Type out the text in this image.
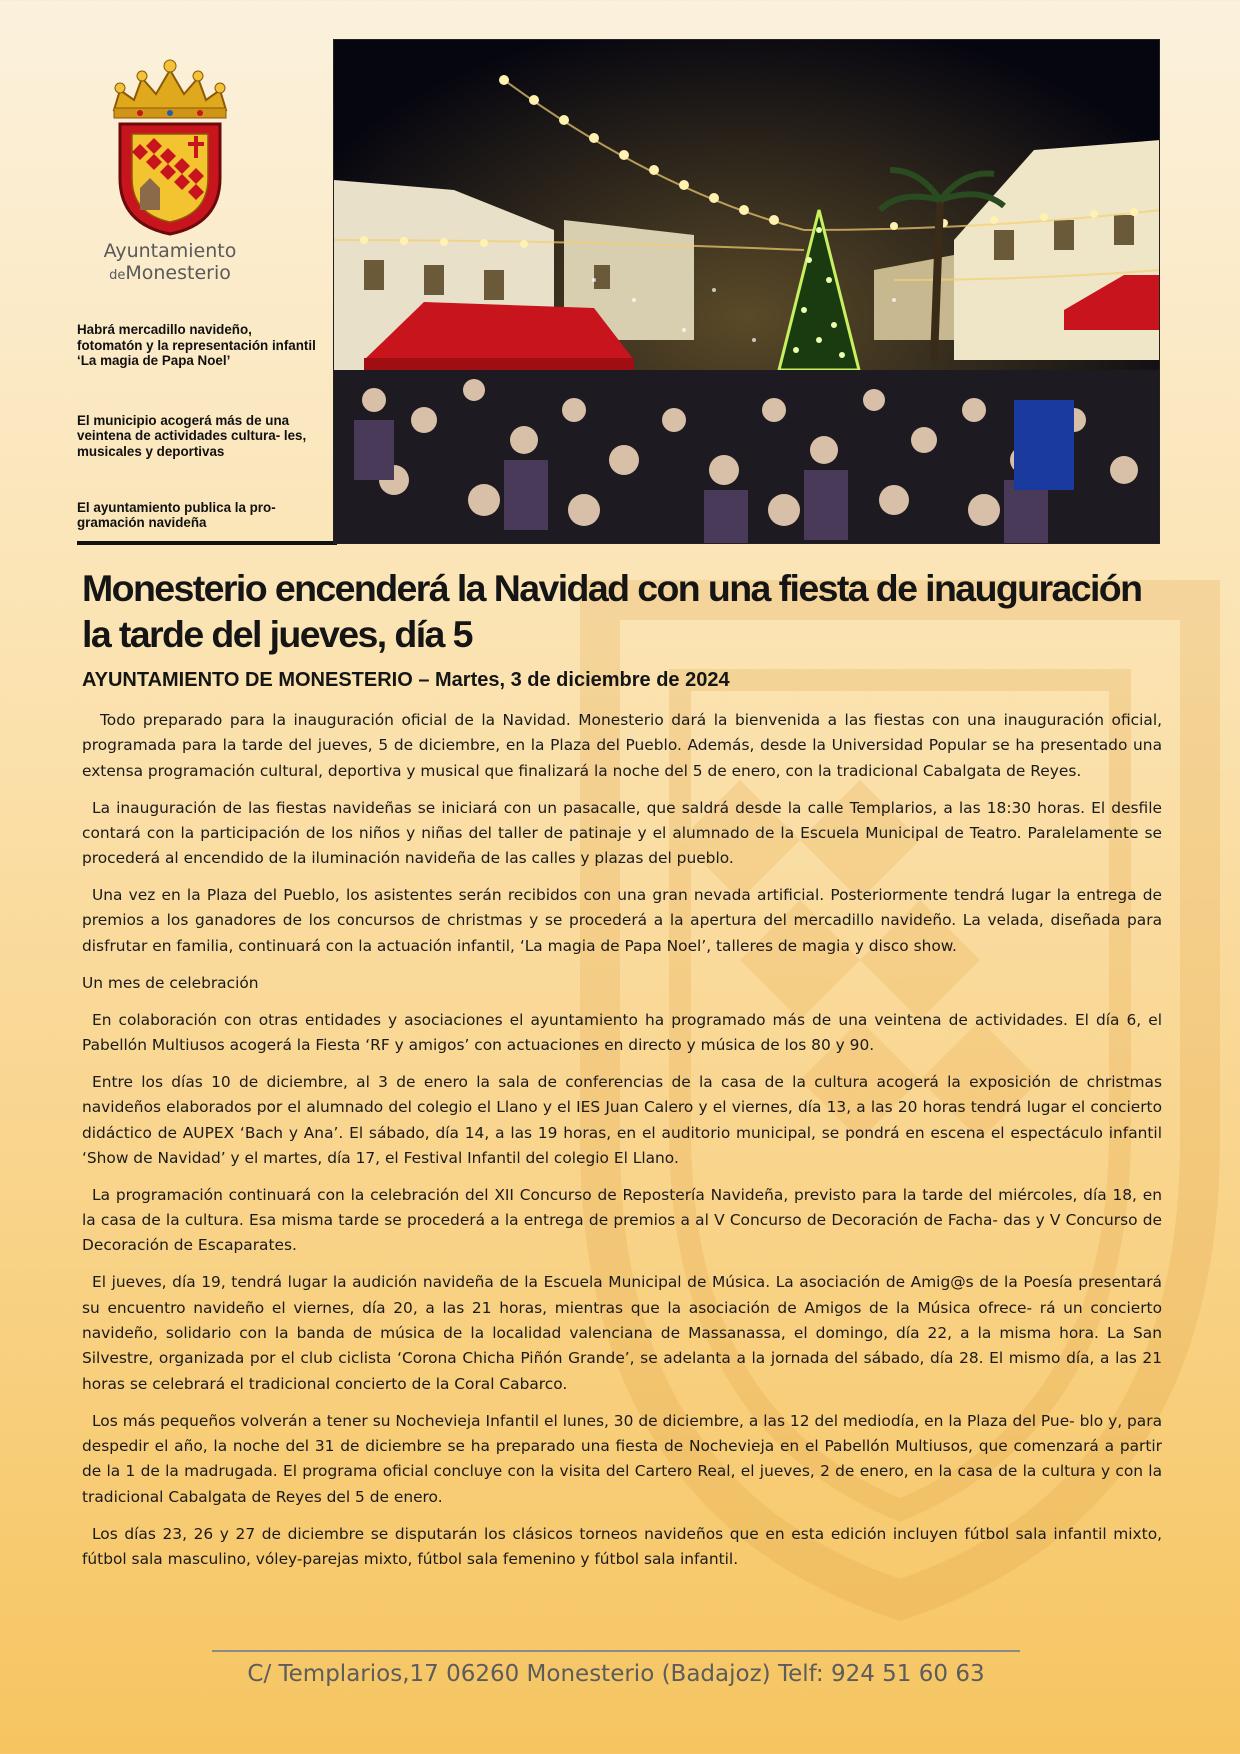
Ayuntamiento
deMonesterio
Habrá mercadillo navideño, fotomatón y la representación infantil ‘La magia de Papa Noel’
El municipio acogerá más de una veintena de actividades cultura- les, musicales y deportivas
El ayuntamiento publica la pro- gramación navideña
Monesterio encenderá la Navidad con una fiesta de inauguración la tarde del jueves, día 5
AYUNTAMIENTO DE MONESTERIO – Martes, 3 de diciembre de 2024

Todo preparado para la inauguración oficial de la Navidad. Monesterio dará la bienvenida a las fiestas con una inauguración oficial, programada para la tarde del jueves, 5 de diciembre, en la Plaza del Pueblo. Además, desde la Universidad Popular se ha presentado una extensa programación cultural, deportiva y musical que finalizará la noche del 5 de enero, con la tradicional Cabalgata de Reyes.

La inauguración de las fiestas navideñas se iniciará con un pasacalle, que saldrá desde la calle Templarios, a las 18:30 horas. El desfile contará con la participación de los niños y niñas del taller de patinaje y el alumnado de la Escuela Municipal de Teatro. Paralelamente se procederá al encendido de la iluminación navideña de las calles y plazas del pueblo.

Una vez en la Plaza del Pueblo, los asistentes serán recibidos con una gran nevada artificial. Posteriormente tendrá lugar la entrega de premios a los ganadores de los concursos de christmas y se procederá a la apertura del mercadillo navideño. La velada, diseñada para disfrutar en familia, continuará con la actuación infantil, ‘La magia de Papa Noel’, talleres de magia y disco show.

Un mes de celebración

En colaboración con otras entidades y asociaciones el ayuntamiento ha programado más de una veintena de actividades. El día 6, el Pabellón Multiusos acogerá la Fiesta ‘RF y amigos’ con actuaciones en directo y música de los 80 y 90.

Entre los días 10 de diciembre, al 3 de enero la sala de conferencias de la casa de la cultura acogerá la exposición de christmas navideños elaborados por el alumnado del colegio el Llano y el IES Juan Calero y el viernes, día 13, a las 20 horas tendrá lugar el concierto didáctico de AUPEX ‘Bach y Ana’. El sábado, día 14, a las 19 horas, en el auditorio municipal, se pondrá en escena el espectáculo infantil ‘Show de Navidad’ y el martes, día 17, el Festival Infantil del colegio El Llano.

La programación continuará con la celebración del XII Concurso de Repostería Navideña, previsto para la tarde del miércoles, día 18, en la casa de la cultura. Esa misma tarde se procederá a la entrega de premios a al V Concurso de Decoración de Facha- das y V Concurso de Decoración de Escaparates.

El jueves, día 19, tendrá lugar la audición navideña de la Escuela Municipal de Música. La asociación de Amig@s de la Poesía presentará su encuentro navideño el viernes, día 20, a las 21 horas, mientras que la asociación de Amigos de la Música ofrece- rá un concierto navideño, solidario con la banda de música de la localidad valenciana de Massanassa, el domingo, día 22, a la misma hora. La San Silvestre, organizada por el club ciclista ‘Corona Chicha Piñón Grande’, se adelanta a la jornada del sábado, día 28. El mismo día, a las 21 horas se celebrará el tradicional concierto de la Coral Cabarco.

Los más pequeños volverán a tener su Nochevieja Infantil el lunes, 30 de diciembre, a las 12 del mediodía, en la Plaza del Pue- blo y, para despedir el año, la noche del 31 de diciembre se ha preparado una fiesta de Nochevieja en el Pabellón Multiusos, que comenzará a partir de la 1 de la madrugada. El programa oficial concluye con la visita del Cartero Real, el jueves, 2 de enero, en la casa de la cultura y con la tradicional Cabalgata de Reyes del 5 de enero.

Los días 23, 26 y 27 de diciembre se disputarán los clásicos torneos navideños que en esta edición incluyen fútbol sala infantil mixto, fútbol sala masculino, vóley-parejas mixto, fútbol sala femenino y fútbol sala infantil.

C/ Templarios,17 06260 Monesterio (Badajoz) Telf: 924 51 60 63
